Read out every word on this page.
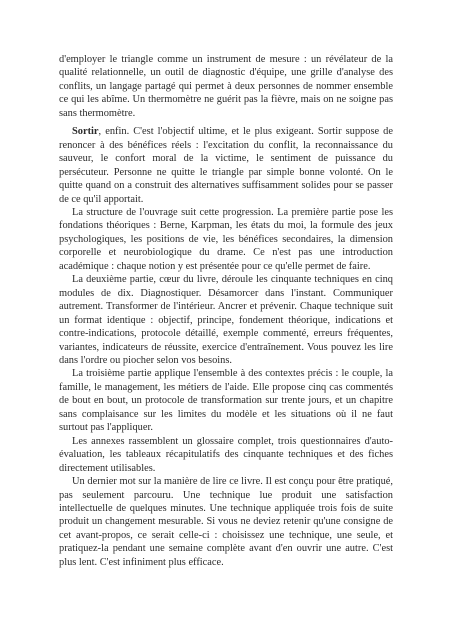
d'employer le triangle comme un instrument de mesure : un révélateur de la qualité relationnelle, un outil de diagnostic d'équipe, une grille d'analyse des conflits, un langage partagé qui permet à deux personnes de nommer ensemble ce qui les abîme. Un thermomètre ne guérit pas la fièvre, mais on ne soigne pas sans thermomètre.

Sortir, enfin. C'est l'objectif ultime, et le plus exigeant. Sortir suppose de renoncer à des bénéfices réels : l'excitation du conflit, la reconnaissance du sauveur, le confort moral de la victime, le sentiment de puissance du persécuteur. Personne ne quitte le triangle par simple bonne volonté. On le quitte quand on a construit des alternatives suffisamment solides pour se passer de ce qu'il apportait.

La structure de l'ouvrage suit cette progression. La première partie pose les fondations théoriques : Berne, Karpman, les états du moi, la formule des jeux psychologiques, les positions de vie, les bénéfices secondaires, la dimension corporelle et neurobiologique du drame. Ce n'est pas une introduction académique : chaque notion y est présentée pour ce qu'elle permet de faire.

La deuxième partie, cœur du livre, déroule les cinquante techniques en cinq modules de dix. Diagnostiquer. Désamorcer dans l'instant. Communiquer autrement. Transformer de l'intérieur. Ancrer et prévenir. Chaque technique suit un format identique : objectif, principe, fondement théorique, indications et contre-indications, protocole détaillé, exemple commenté, erreurs fréquentes, variantes, indicateurs de réussite, exercice d'entraînement. Vous pouvez les lire dans l'ordre ou piocher selon vos besoins.

La troisième partie applique l'ensemble à des contextes précis : le couple, la famille, le management, les métiers de l'aide. Elle propose cinq cas commentés de bout en bout, un protocole de transformation sur trente jours, et un chapitre sans complaisance sur les limites du modèle et les situations où il ne faut surtout pas l'appliquer.

Les annexes rassemblent un glossaire complet, trois questionnaires d'auto-évaluation, les tableaux récapitulatifs des cinquante techniques et des fiches directement utilisables.

Un dernier mot sur la manière de lire ce livre. Il est conçu pour être pratiqué, pas seulement parcouru. Une technique lue produit une satisfaction intellectuelle de quelques minutes. Une technique appliquée trois fois de suite produit un changement mesurable. Si vous ne deviez retenir qu'une consigne de cet avant-propos, ce serait celle-ci : choisissez une technique, une seule, et pratiquez-la pendant une semaine complète avant d'en ouvrir une autre. C'est plus lent. C'est infiniment plus efficace.
